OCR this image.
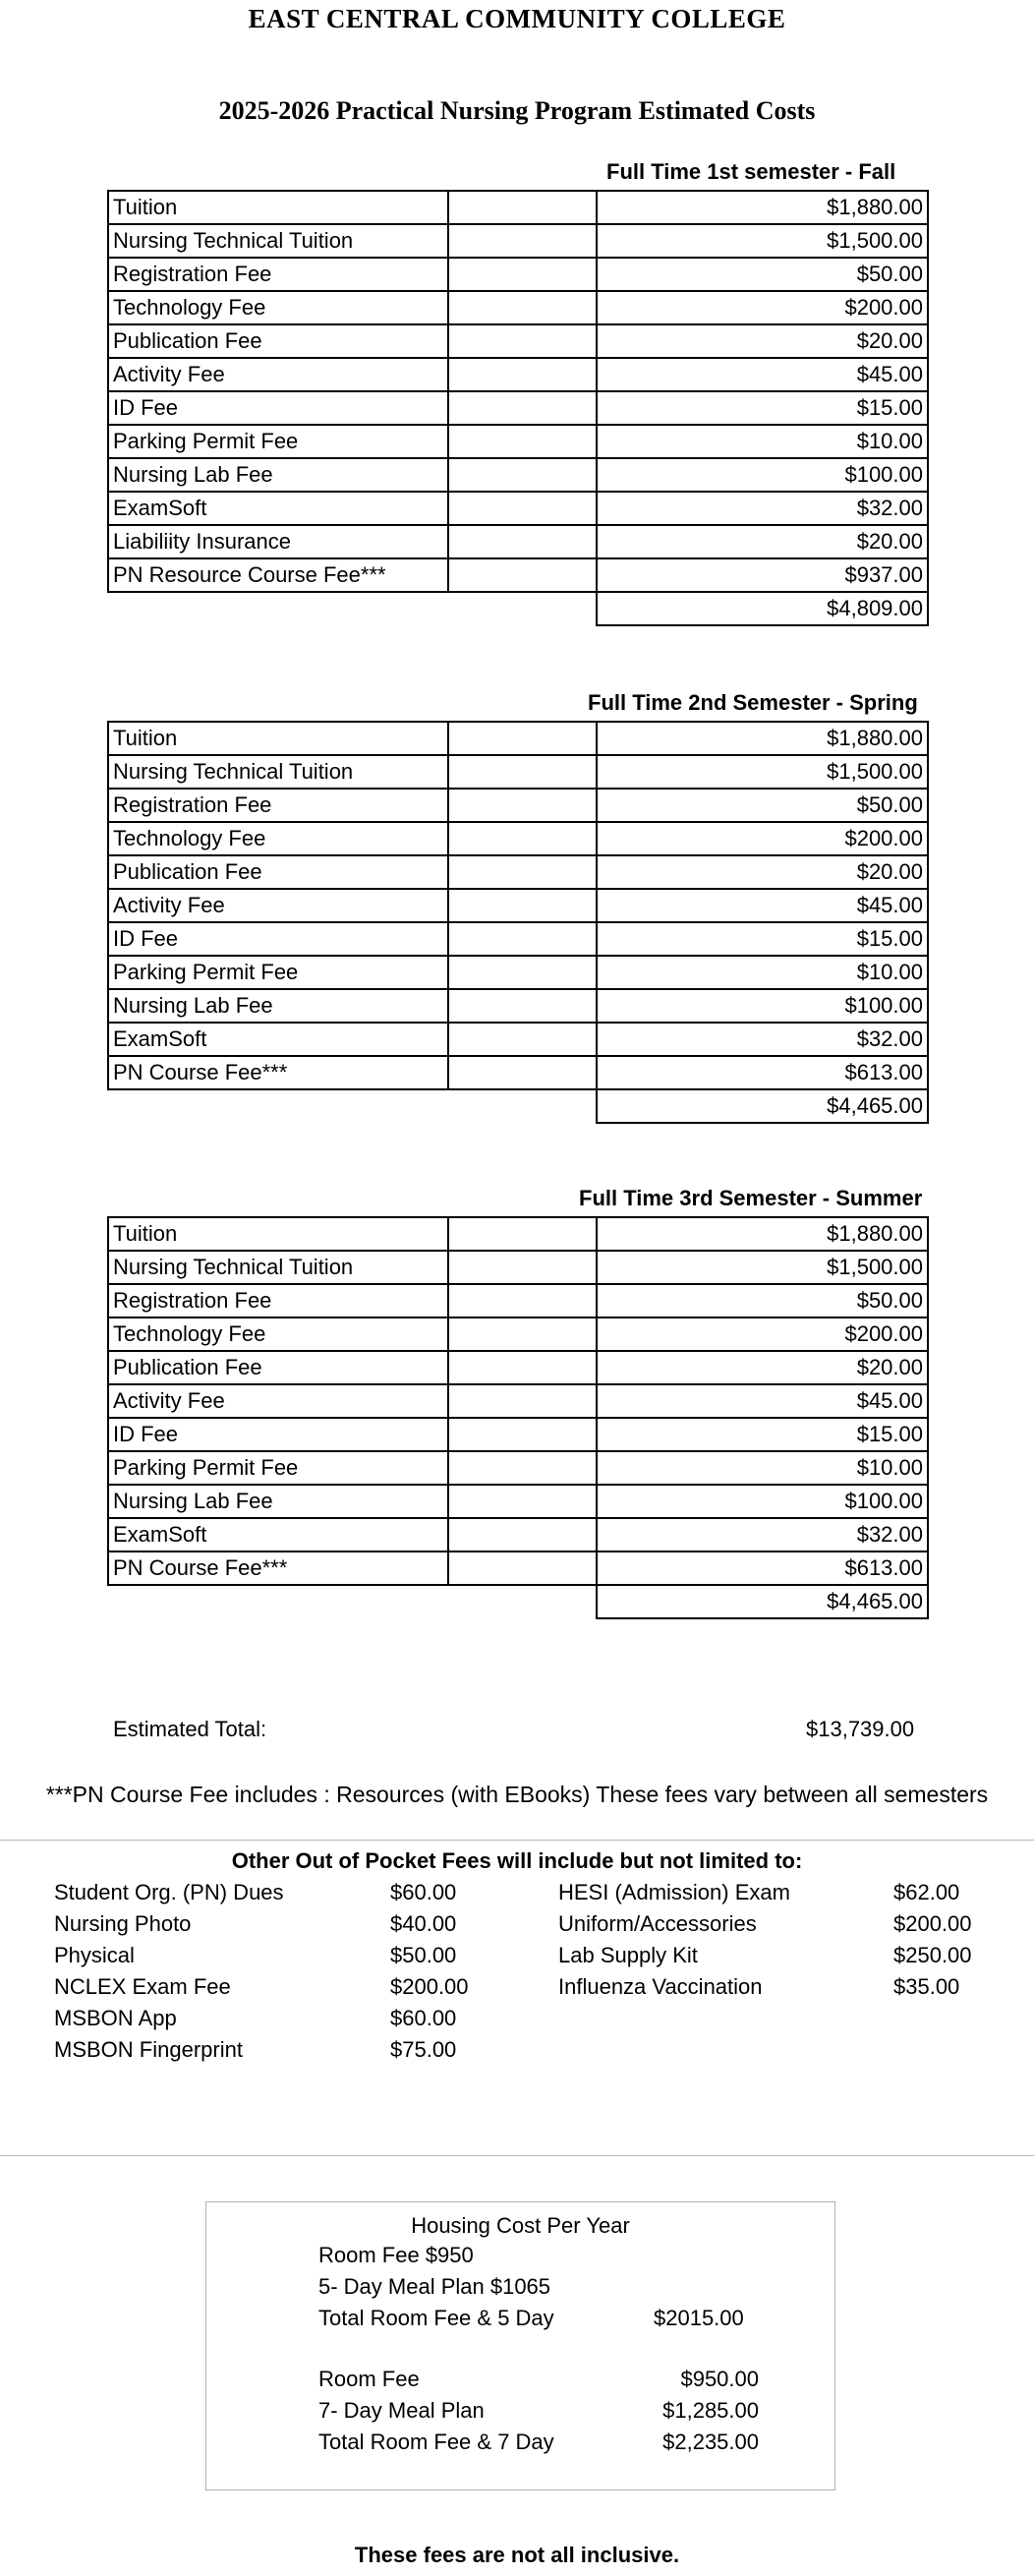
EAST CENTRAL COMMUNITY COLLEGE
2025-2026 Practical Nursing Program Estimated Costs
Full Time 1st semester - Fall
Tuition		$1,880.00
Nursing Technical Tuition		$1,500.00
Registration Fee		$50.00
Technology Fee		$200.00
Publication Fee		$20.00
Activity Fee		$45.00
ID Fee		$15.00
Parking Permit Fee		$10.00
Nursing Lab Fee		$100.00
ExamSoft		$32.00
Liabiliity Insurance		$20.00
PN Resource Course Fee***		$937.00
		$4,809.00
Full Time 2nd Semester - Spring
Tuition		$1,880.00
Nursing Technical Tuition		$1,500.00
Registration Fee		$50.00
Technology Fee		$200.00
Publication Fee		$20.00
Activity Fee		$45.00
ID Fee		$15.00
Parking Permit Fee		$10.00
Nursing Lab Fee		$100.00
ExamSoft		$32.00
PN Course Fee***		$613.00
		$4,465.00
Full Time 3rd Semester - Summer
Tuition		$1,880.00
Nursing Technical Tuition		$1,500.00
Registration Fee		$50.00
Technology Fee		$200.00
Publication Fee		$20.00
Activity Fee		$45.00
ID Fee		$15.00
Parking Permit Fee		$10.00
Nursing Lab Fee		$100.00
ExamSoft		$32.00
PN Course Fee***		$613.00
		$4,465.00
Estimated Total:	$13,739.00
***PN Course Fee includes : Resources (with EBooks) These fees vary between all semesters
Other Out of Pocket Fees will include but not limited to:
Student Org. (PN) Dues	$60.00
Nursing Photo	$40.00
Physical	$50.00
NCLEX Exam Fee	$200.00
MSBON App	$60.00
MSBON Fingerprint	$75.00
HESI (Admission) Exam	$62.00
Uniform/Accessories	$200.00
Lab Supply Kit	$250.00
Influenza Vaccination	$35.00
Housing Cost Per Year
Room Fee $950
5- Day Meal Plan $1065
Total Room Fee & 5 Day	$2015.00
Room Fee	$950.00
7- Day Meal Plan	$1,285.00
Total Room Fee & 7 Day	$2,235.00
These fees are not all inclusive.
